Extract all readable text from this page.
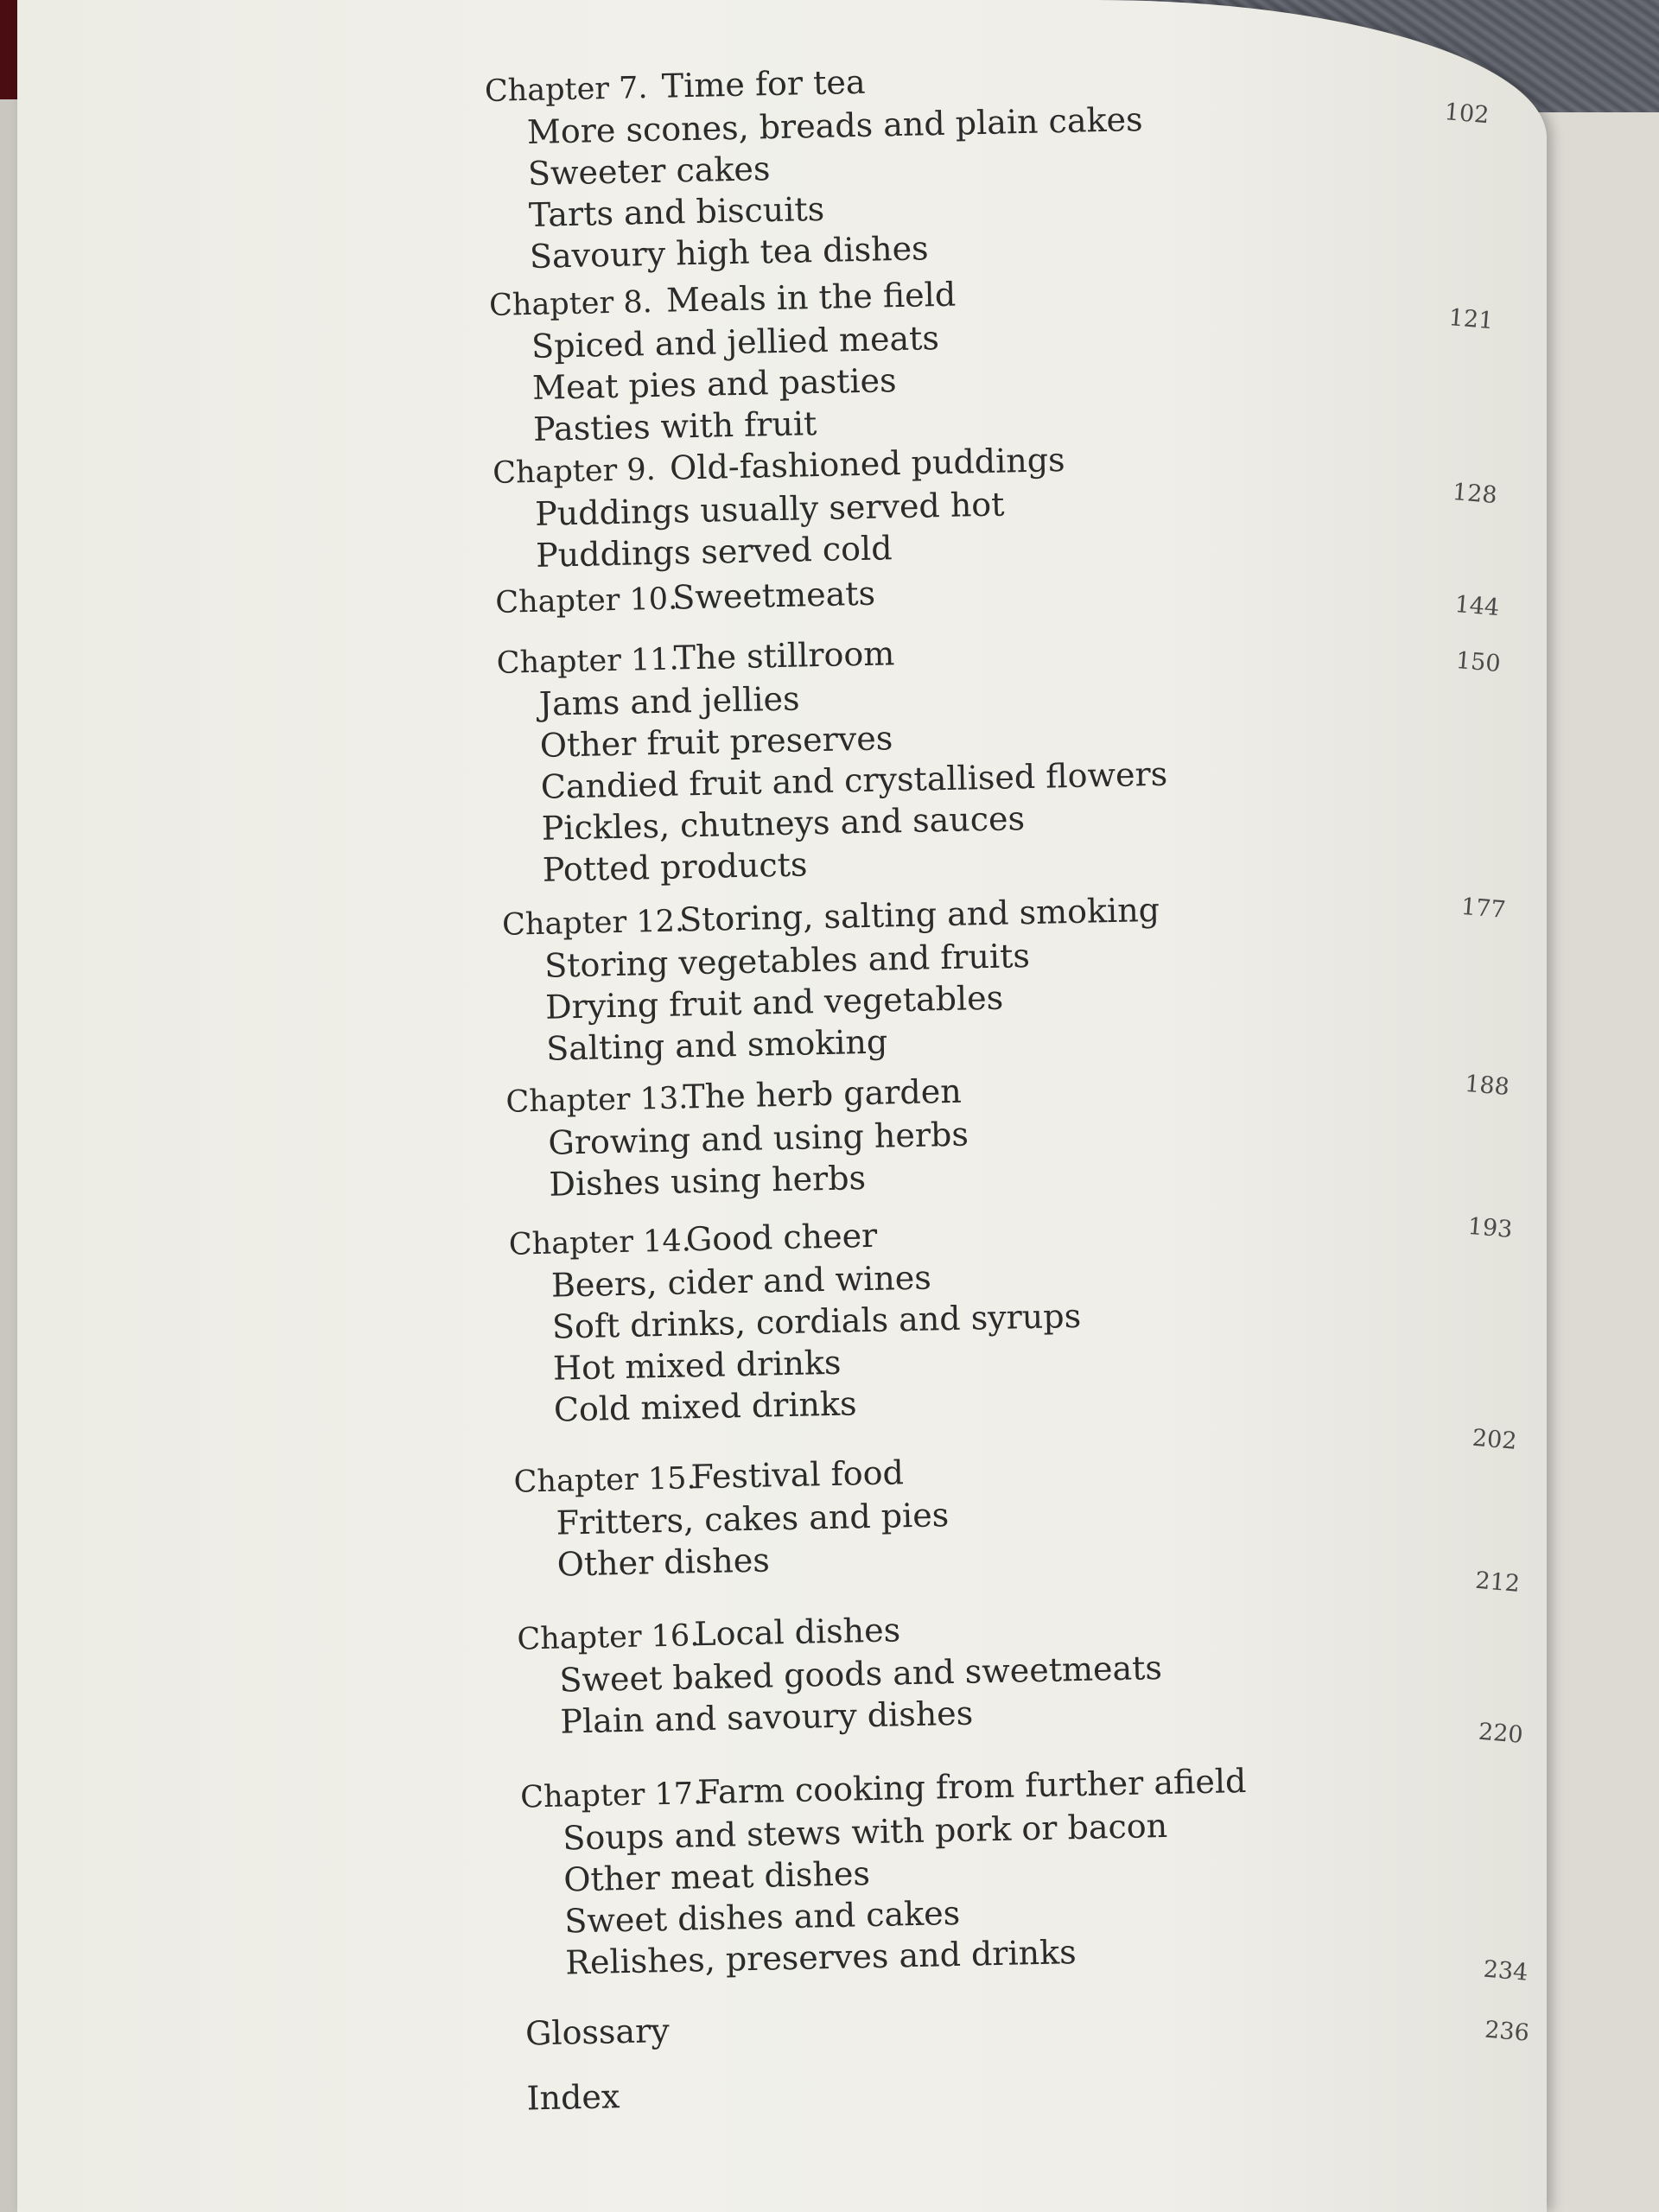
Chapter 7. Time for tea
More scones, breads and plain cakes
Sweeter cakes
Tarts and biscuits
Savoury high tea dishes
102
Chapter 8. Meals in the field
Spiced and jellied meats
Meat pies and pasties
Pasties with fruit
121
Chapter 9. Old-fashioned puddings
Puddings usually served hot
Puddings served cold
128
Chapter 10.Sweetmeats	144
Chapter 11.The stillroom
Jams and jellies
Other fruit preserves
Candied fruit and crystallised flowers
Pickles, chutneys and sauces
Potted products
150
Chapter 12.Storing, salting and smoking
Storing vegetables and fruits
Drying fruit and vegetables
Salting and smoking
177
Chapter 13.The herb garden
Growing and using herbs
Dishes using herbs
188
Chapter 14.Good cheer
Beers, cider and wines
Soft drinks, cordials and syrups
Hot mixed drinks
Cold mixed drinks
193
Chapter 15.Festival food
Fritters, cakes and pies
Other dishes
202
Chapter 16.Local dishes
Sweet baked goods and sweetmeats
Plain and savoury dishes
212
Chapter 17.Farm cooking from further afield
Soups and stews with pork or bacon
Other meat dishes
Sweet dishes and cakes
Relishes, preserves and drinks
220
Glossary
234
Index
236
